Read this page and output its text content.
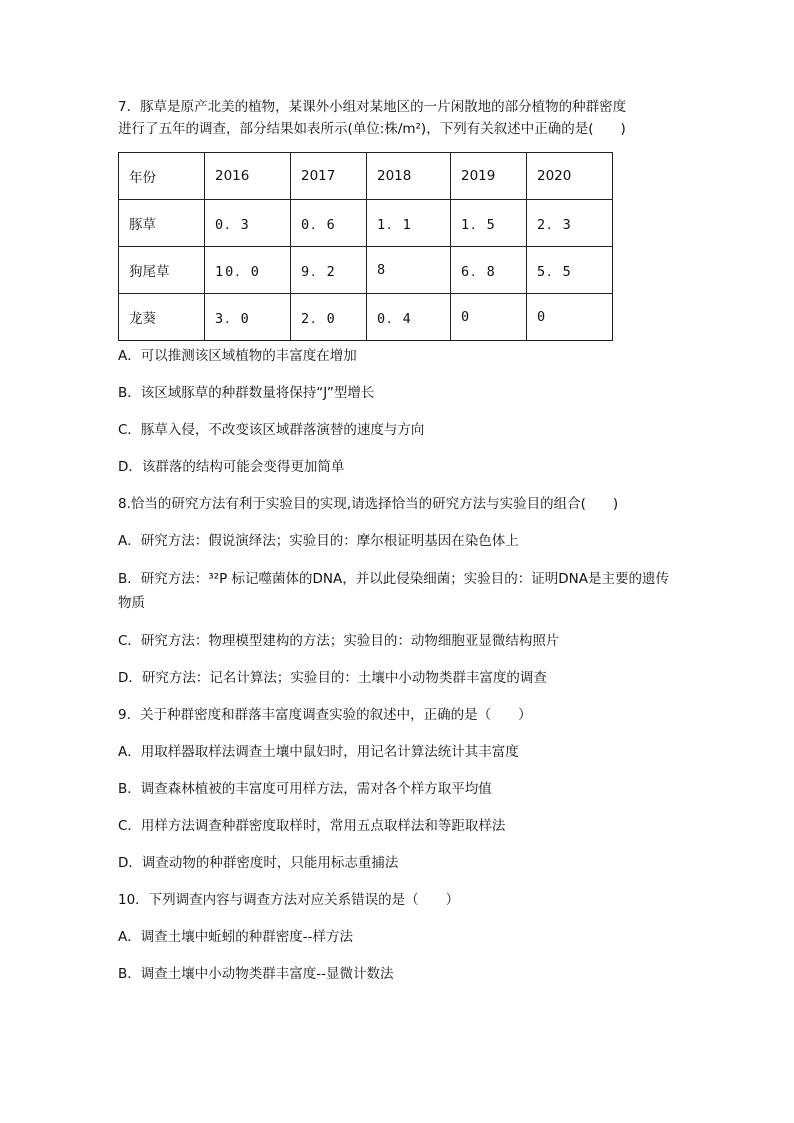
7．豚草是原产北美的植物，某课外小组对某地区的一片闲散地的部分植物的种群密度
进行了五年的调查，部分结果如表所示(单位:株/m²)，下列有关叙述中正确的是(　　)
年份	2016	2017	2018	2019	2020
豚草	0．3	0．6	1．1	1．5	2．3
狗尾草	10．0	9．2	8	6．8	5．5
龙葵	3．0	2．0	0．4	0	0
A．可以推测该区域植物的丰富度在增加
B．该区域豚草的种群数量将保持“J”型增长
C．豚草入侵，不改变该区域群落演替的速度与方向
D．该群落的结构可能会变得更加简单
8.恰当的研究方法有利于实验目的实现,请选择恰当的研究方法与实验目的组合(　　)
A．研究方法：假说演绎法；实验目的：摩尔根证明基因在染色体上
B．研究方法：³²P 标记噬菌体的DNA，并以此侵染细菌；实验目的：证明DNA是主要的遗传物质
C．研究方法：物理模型建构的方法；实验目的：动物细胞亚显微结构照片
D．研究方法：记名计算法；实验目的：土壤中小动物类群丰富度的调查
9．关于种群密度和群落丰富度调查实验的叙述中，正确的是（　　）
A．用取样器取样法调查土壤中鼠妇时，用记名计算法统计其丰富度
B．调查森林植被的丰富度可用样方法，需对各个样方取平均值
C．用样方法调查种群密度取样时，常用五点取样法和等距取样法
D．调查动物的种群密度时，只能用标志重捕法
10．下列调查内容与调查方法对应关系错误的是（　　）
A．调查土壤中蚯蚓的种群密度--样方法
B．调查土壤中小动物类群丰富度--显微计数法
